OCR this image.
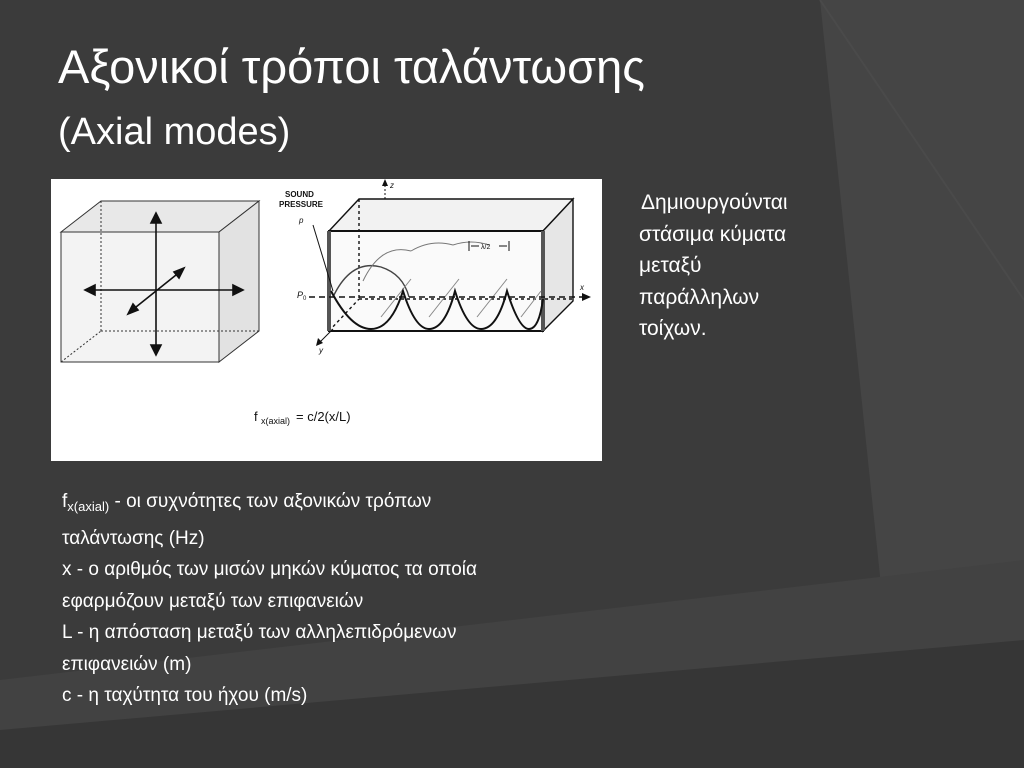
Αξονικοί τρόποι ταλάντωσης
(Axial modes)
SOUND
PRESSURE
p
P 0
z
x
y
λ/2
f x(axial) = c/2(x/L)
Δημιουργούνται
στάσιμα κύματα
μεταξύ
παράλληλων
τοίχων.

$f_{x(axial)}$ - οι συχνότητες των αξονικών τρόπων

ταλάντωσης (Hz)

x - ο αριθμός των μισών μηκών κύματος τα οποία

εφαρμόζουν μεταξύ των επιφανειών

L - η απόσταση μεταξύ των αλληλεπιδρόμενων

επιφανειών (m)

c - η ταχύτητα του ήχου (m/s)
